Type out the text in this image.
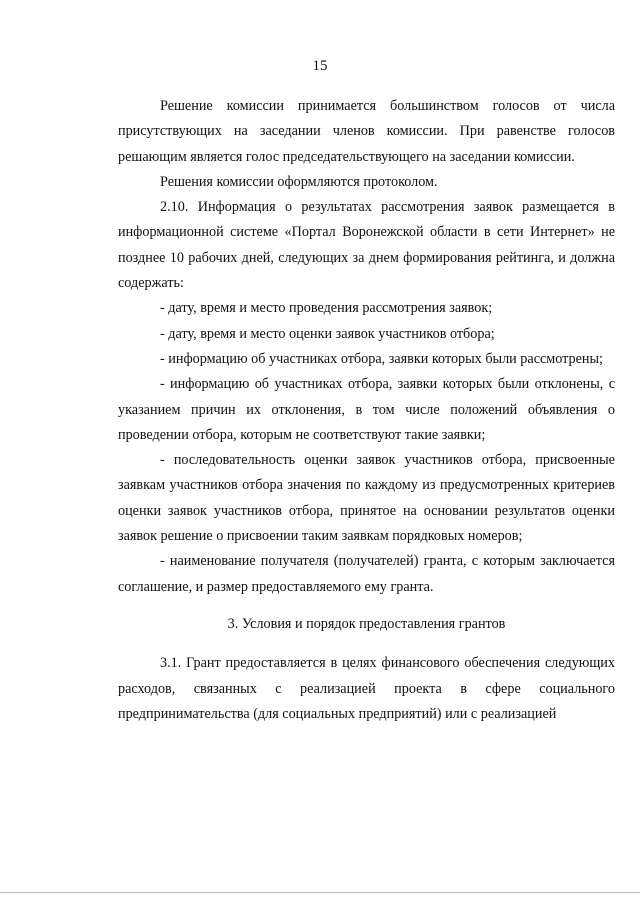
15

Решение комиссии принимается большинством голосов от числа присутствующих на заседании членов комиссии. При равенстве голосов решающим является голос председательствующего на заседании комиссии.

Решения комиссии оформляются протоколом.

2.10. Информация о результатах рассмотрения заявок размещается в информационной системе «Портал Воронежской области в сети Интернет» не позднее 10 рабочих дней, следующих за днем формирования рейтинга, и должна содержать:

- дату, время и место проведения рассмотрения заявок;

- дату, время и место оценки заявок участников отбора;

- информацию об участниках отбора, заявки которых были рассмотрены;

- информацию об участниках отбора, заявки которых были отклонены, с указанием причин их отклонения, в том числе положений объявления о проведении отбора, которым не соответствуют такие заявки;

- последовательность оценки заявок участников отбора, присвоенные заявкам участников отбора значения по каждому из предусмотренных критериев оценки заявок участников отбора, принятое на основании результатов оценки заявок решение о присвоении таким заявкам порядковых номеров;

- наименование получателя (получателей) гранта, с которым заключается соглашение, и размер предоставляемого ему гранта.

3. Условия и порядок предоставления грантов

3.1. Грант предоставляется в целях финансового обеспечения следующих расходов, связанных с реализацией проекта в сфере социального предпринимательства (для социальных предприятий) или с реализацией
